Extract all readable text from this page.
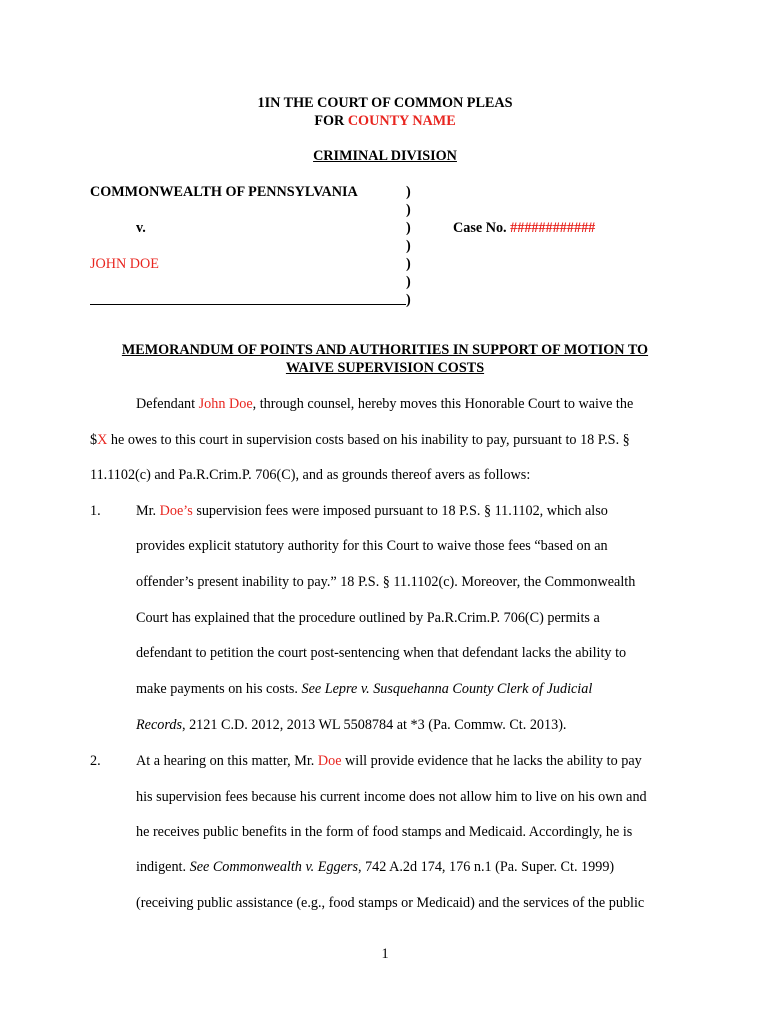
1IN THE COURT OF COMMON PLEAS
FOR COUNTY NAME
CRIMINAL DIVISION
COMMONWEALTH OF PENNSYLVANIA
v.
JOHN DOE
)
)
)
)
)
)
)
Case No. ############
MEMORANDUM OF POINTS AND AUTHORITIES IN SUPPORT OF MOTION TO
WAIVE SUPERVISION COSTS
Defendant John Doe, through counsel, hereby moves this Honorable Court to waive the
$X he owes to this court in supervision costs based on his inability to pay, pursuant to 18 P.S. §
11.1102(c) and Pa.R.Crim.P. 706(C), and as grounds thereof avers as follows:
1. Mr. Doe’s supervision fees were imposed pursuant to 18 P.S. § 11.1102, which also
provides explicit statutory authority for this Court to waive those fees “based on an
offender’s present inability to pay.” 18 P.S. § 11.1102(c). Moreover, the Commonwealth
Court has explained that the procedure outlined by Pa.R.Crim.P. 706(C) permits a
defendant to petition the court post-sentencing when that defendant lacks the ability to
make payments on his costs. See Lepre v. Susquehanna County Clerk of Judicial
Records, 2121 C.D. 2012, 2013 WL 5508784 at *3 (Pa. Commw. Ct. 2013).
2. At a hearing on this matter, Mr. Doe will provide evidence that he lacks the ability to pay
his supervision fees because his current income does not allow him to live on his own and
he receives public benefits in the form of food stamps and Medicaid. Accordingly, he is
indigent. See Commonwealth v. Eggers, 742 A.2d 174, 176 n.1 (Pa. Super. Ct. 1999)
(receiving public assistance (e.g., food stamps or Medicaid) and the services of the public
1
